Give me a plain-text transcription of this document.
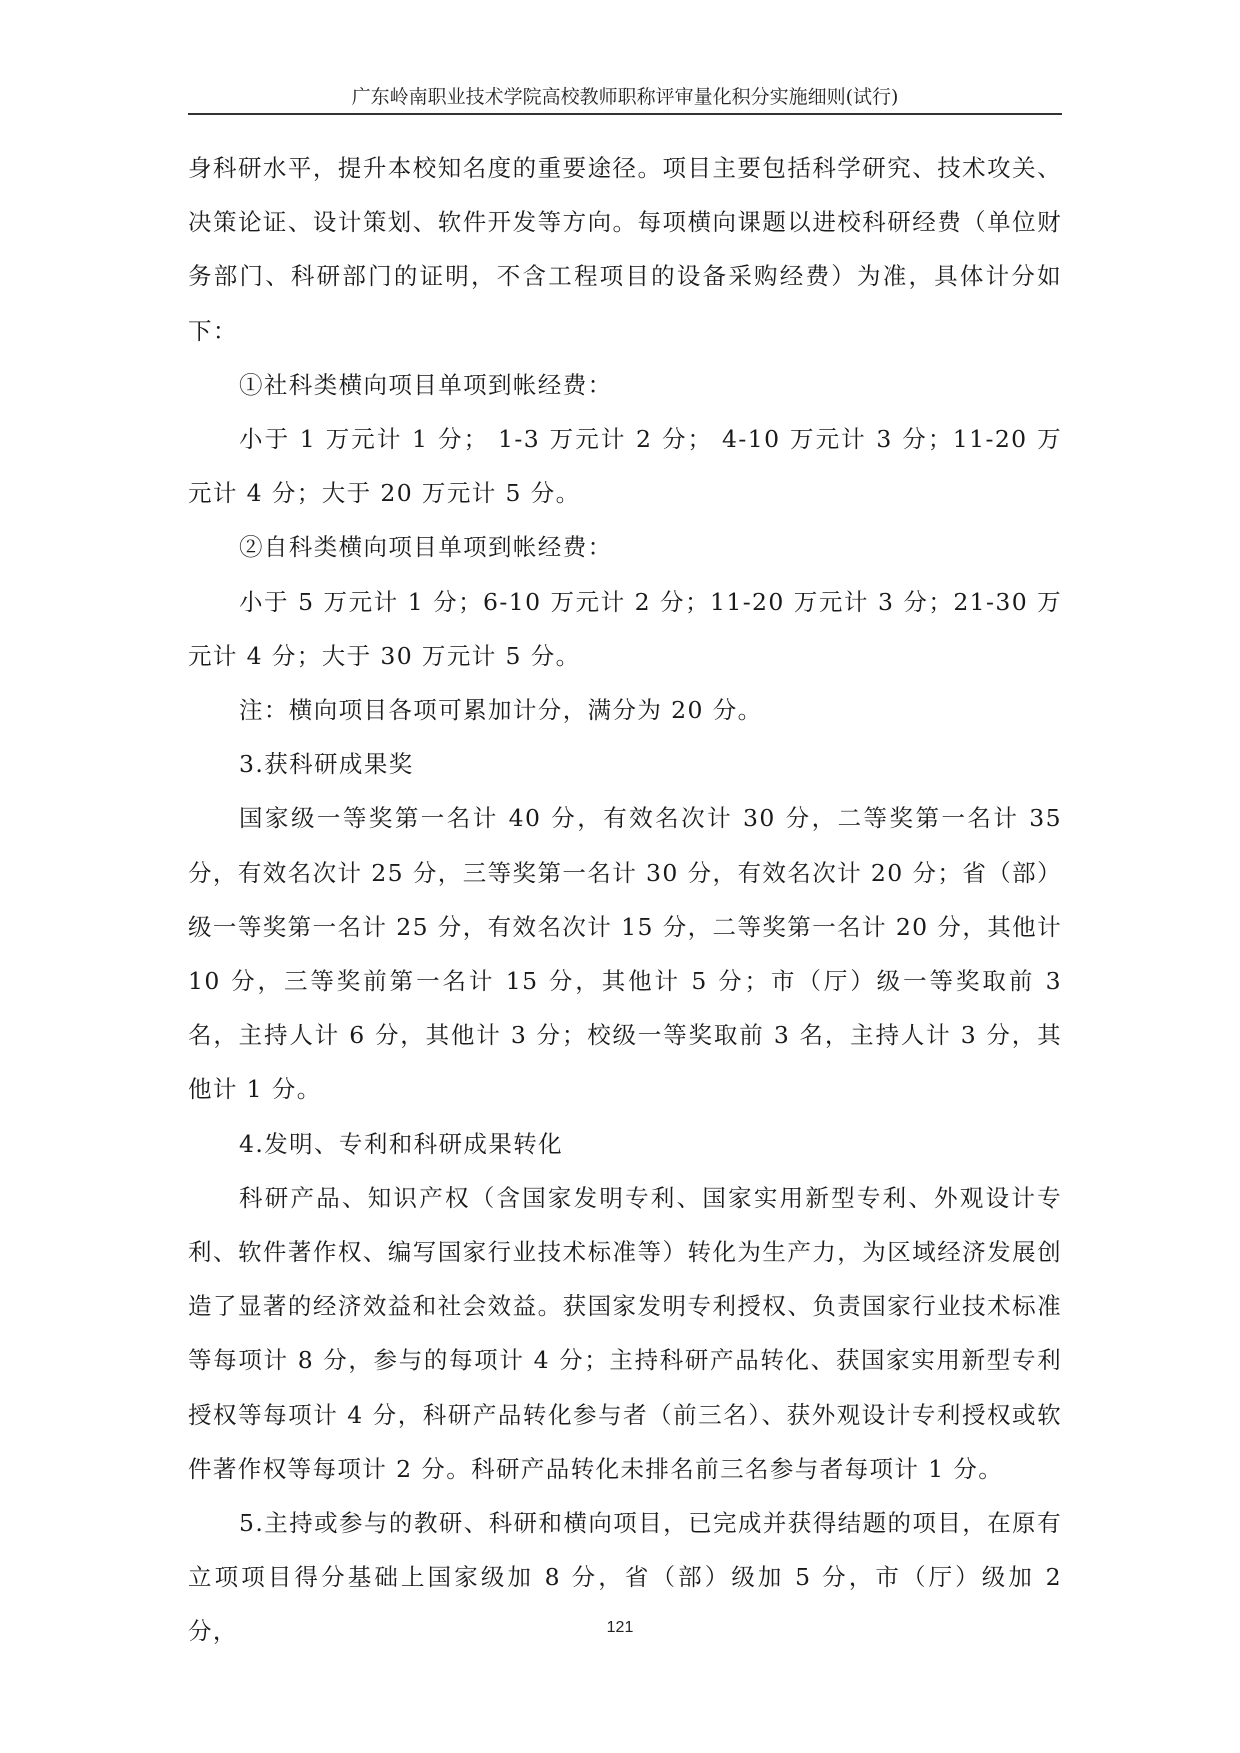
广东岭南职业技术学院高校教师职称评审量化积分实施细则(试行)

身科研水平，提升本校知名度的重要途径。项目主要包括科学研究、技术攻关、决策论证、设计策划、软件开发等方向。每项横向课题以进校科研经费（单位财务部门、科研部门的证明，不含工程项目的设备采购经费）为准，具体计分如下：

①社科类横向项目单项到帐经费：

小于 1 万元计 1 分； 1-3 万元计 2 分； 4-10 万元计 3 分；11-20 万元计 4 分；大于 20 万元计 5 分。

②自科类横向项目单项到帐经费：

小于 5 万元计 1 分；6-10 万元计 2 分；11-20 万元计 3 分；21-30 万元计 4 分；大于 30 万元计 5 分。

注：横向项目各项可累加计分，满分为 20 分。

3.获科研成果奖

国家级一等奖第一名计 40 分，有效名次计 30 分，二等奖第一名计 35 分，有效名次计 25 分，三等奖第一名计 30 分，有效名次计 20 分；省（部）级一等奖第一名计 25 分，有效名次计 15 分，二等奖第一名计 20 分，其他计 10 分，三等奖前第一名计 15 分，其他计 5 分；市（厅）级一等奖取前 3 名，主持人计 6 分，其他计 3 分；校级一等奖取前 3 名，主持人计 3 分，其他计 1 分。

4.发明、专利和科研成果转化

科研产品、知识产权（含国家发明专利、国家实用新型专利、外观设计专利、软件著作权、编写国家行业技术标准等）转化为生产力，为区域经济发展创造了显著的经济效益和社会效益。获国家发明专利授权、负责国家行业技术标准等每项计 8 分，参与的每项计 4 分；主持科研产品转化、获国家实用新型专利授权等每项计 4 分，科研产品转化参与者（前三名）、获外观设计专利授权或软件著作权等每项计 2 分。科研产品转化未排名前三名参与者每项计 1 分。

5.主持或参与的教研、科研和横向项目，已完成并获得结题的项目，在原有立项项目得分基础上国家级加 8 分，省（部）级加 5 分，市（厅）级加 2 分，	121
